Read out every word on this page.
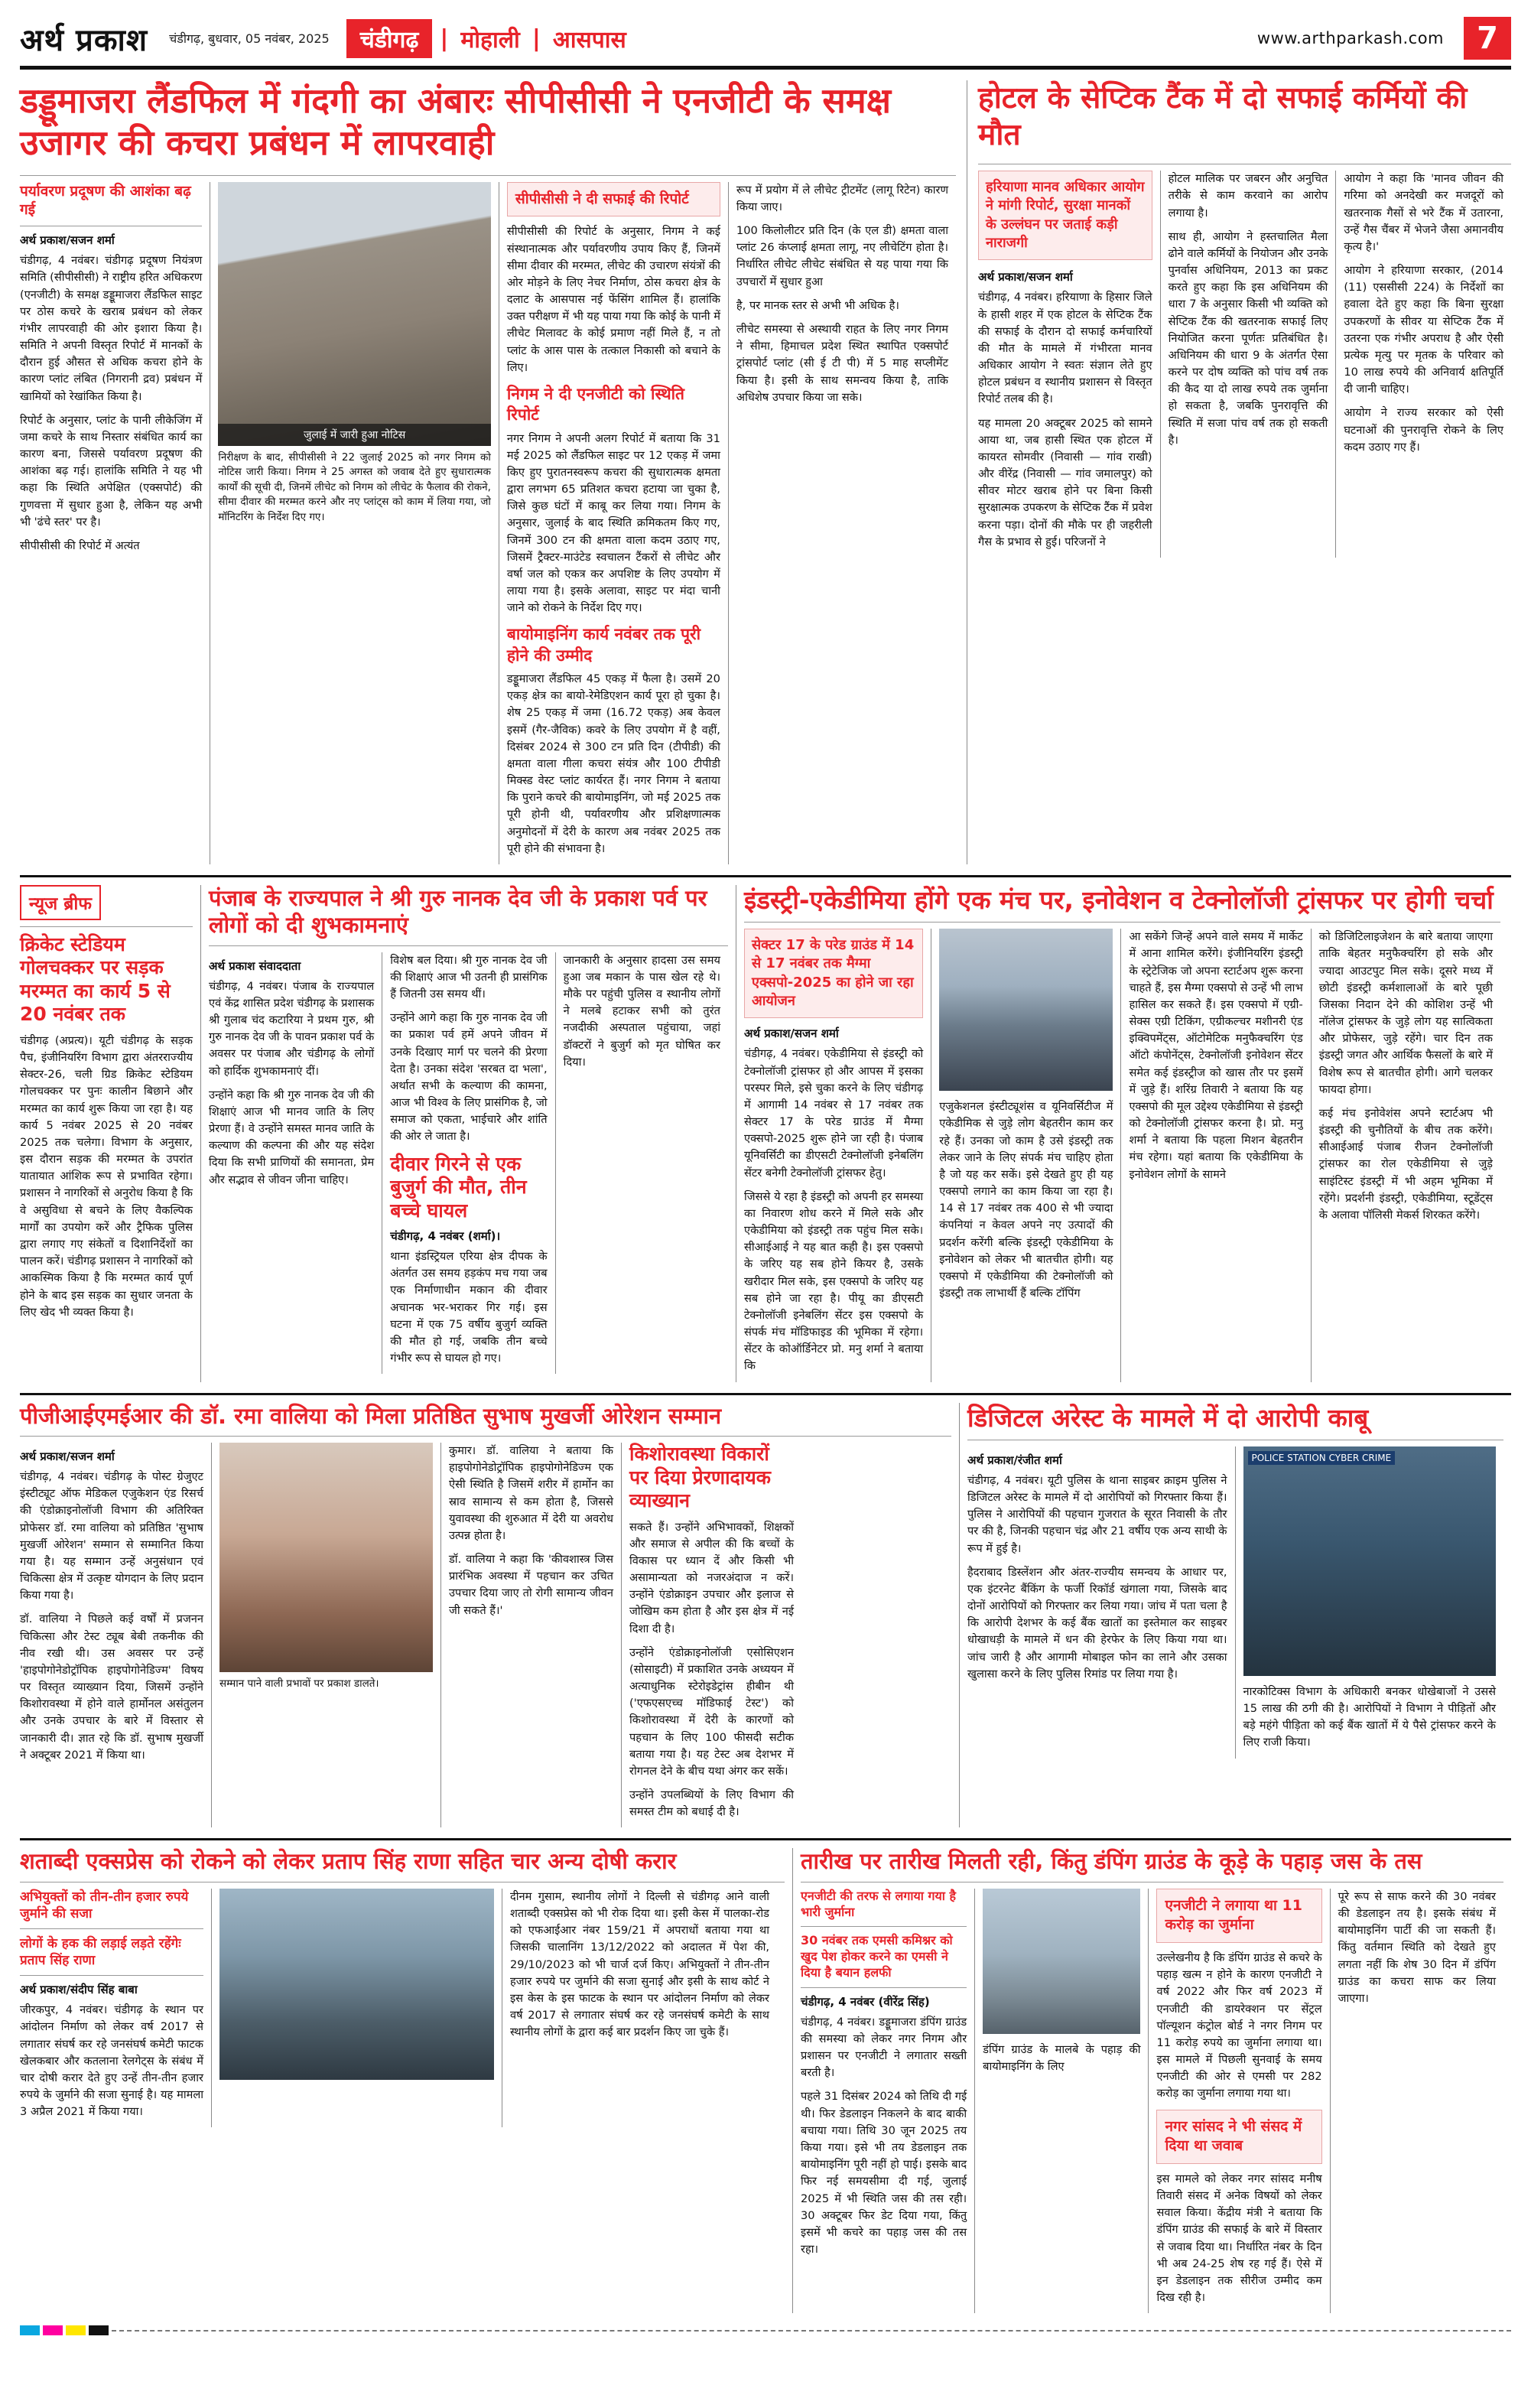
अर्थ प्रकाश	चंडीगढ़, बुधवार, 05 नवंबर, 2025	चंडीगढ़ | मोहाली | आसपास	www.arthparkash.com	7
डड्डूमाजरा लैंडफिल में गंदगी का अंबारः सीपीसीसी ने एनजीटी के समक्ष उजागर की कचरा प्रबंधन में लापरवाही
पर्यावरण प्रदूषण की आशंका बढ़ गई
अर्थ प्रकाश/सजन शर्मा

चंडीगढ़, 4 नवंबर। चंडीगढ़ प्रदूषण नियंत्रण समिति (सीपीसीसी) ने राष्ट्रीय हरित अधिकरण (एनजीटी) के समक्ष डड्डूमाजरा लैंडफिल साइट पर ठोस कचरे के खराब प्रबंधन को लेकर गंभीर लापरवाही की ओर इशारा किया है। समिति ने अपनी विस्तृत रिपोर्ट में मानकों के दौरान हुई औसत से अधिक कचरा होने के कारण प्लांट लंबित (निगरानी द्रव) प्रबंधन में खामियों को रेखांकित किया है।

रिपोर्ट के अनुसार, प्लांट के पानी लीकेजिंग में जमा कचरे के साथ निस्तार संबंधित कार्य का कारण बना, जिससे पर्यावरण प्रदूषण की आशंका बढ़ गई। हालांकि समिति ने यह भी कहा कि स्थिति अपेक्षित (एक्सपोर्ट) की गुणवत्ता में सुधार हुआ है, लेकिन यह अभी भी 'ढंचे स्तर' पर है।

सीपीसीसी की रिपोर्ट में अत्यंत

जुलाई में जारी हुआ नोटिस

निरीक्षण के बाद, सीपीसीसी ने 22 जुलाई 2025 को नगर निगम को नोटिस जारी किया। निगम ने 25 अगस्त को जवाब देते हुए सुधारात्मक कार्यों की सूची दी, जिनमें लीचेट को निगम को लीचेट के फैलाव की रोकने, सीमा दीवार की मरम्मत करने और नए प्लांट्स को काम में लिया गया, जो मॉनिटरिंग के निर्देश दिए गए।

सीपीसीसी ने दी सफाई की रिपोर्ट

सीपीसीसी की रिपोर्ट के अनुसार, निगम ने कई संस्थानात्मक और पर्यावरणीय उपाय किए हैं, जिनमें सीमा दीवार की मरम्मत, लीचेट की उचारण संयंत्रों की ओर मोड़ने के लिए नेचर निर्माण, ठोस कचरा क्षेत्र के दलाट के आसपास नई फेंसिंग शामिल हैं। हालांकि उक्त परीक्षण में भी यह पाया गया कि कोई के पानी में लीचेट मिलावट के कोई प्रमाण नहीं मिले हैं, न तो प्लांट के आस पास के तत्काल निकासी को बचाने के लिए।

निगम ने दी एनजीटी को स्थिति रिपोर्ट

नगर निगम ने अपनी अलग रिपोर्ट में बताया कि 31 मई 2025 को लैंडफिल साइट पर 12 एकड़ में जमा किए हुए पुरातनस्वरूप कचरा की सुधारात्मक क्षमता द्वारा लगभग 65 प्रतिशत कचरा हटाया जा चुका है, जिसे कुछ घंटों में काबू कर लिया गया। निगम के अनुसार, जुलाई के बाद स्थिति क्रमिकतम किए गए, जिनमें 300 टन की क्षमता वाला कदम उठाए गए, जिसमें ट्रैक्टर-माउंटेड स्वचालन टैंकरों से लीचेट और वर्षा जल को एकत्र कर अपशिष्ट के लिए उपयोग में लाया गया है। इसके अलावा, साइट पर मंदा चानी जाने को रोकने के निर्देश दिए गए।

बायोमाइनिंग कार्य नवंबर तक पूरी होने की उम्मीद

डड्डूमाजरा लैंडफिल 45 एकड़ में फैला है। उसमें 20 एकड़ क्षेत्र का बायो-रेमेडिएशन कार्य पूरा हो चुका है। शेष 25 एकड़ में जमा (16.72 एकड़) अब केवल इसमें (गैर-जैविक) कवरे के लिए उपयोग में है वहीं, दिसंबर 2024 से 300 टन प्रति दिन (टीपीडी) की क्षमता वाला गीला कचरा संयंत्र और 100 टीपीडी मिक्स्ड वेस्ट प्लांट कार्यरत हैं। नगर निगम ने बताया कि पुराने कचरे की बायोमाइनिंग, जो मई 2025 तक पूरी होनी थी, पर्यावरणीय और प्रशिक्षणात्मक अनुमोदनों में देरी के कारण अब नवंबर 2025 तक पूरी होने की संभावना है।

रूप में प्रयोग में ले लीचेट ट्रीटमेंट (लागू रिटेन) कारण किया जाए।

100 किलोलीटर प्रति दिन (के एल डी) क्षमता वाला प्लांट 26 कंप्लाई क्षमता लागू, नए लीचेटिंग होता है। निर्धारित लीचेट लीचेट संबंधित से यह पाया गया कि उपचारों में सुधार हुआ

है, पर मानक स्तर से अभी भी अधिक है।

लीचेट समस्या से अस्थायी राहत के लिए नगर निगम ने सीमा, हिमाचल प्रदेश स्थित स्थापित एक्सपोर्ट ट्रांसपोर्ट प्लांट (सी ई टी पी) में 5 माह सप्लीमेंट किया है। इसी के साथ समन्वय किया है, ताकि अधिशेष उपचार किया जा सके।

होटल के सेप्टिक टैंक में दो सफाई कर्मियों की मौत
हरियाणा मानव अधिकार आयोग ने मांगी रिपोर्ट, सुरक्षा मानकों के उल्लंघन पर जताई कड़ी नाराजगी
अर्थ प्रकाश/सजन शर्मा

चंडीगढ़, 4 नवंबर। हरियाणा के हिसार जिले के हासी शहर में एक होटल के सेप्टिक टैंक की सफाई के दौरान दो सफाई कर्मचारियों की मौत के मामले में गंभीरता मानव अधिकार आयोग ने स्वतः संज्ञान लेते हुए होटल प्रबंधन व स्थानीय प्रशासन से विस्तृत रिपोर्ट तलब की है।

यह मामला 20 अक्टूबर 2025 को सामने आया था, जब हासी स्थित एक होटल में कायरत सोमवीर (निवासी — गांव राखी) और वीरेंद्र (निवासी — गांव जमालपुर) को सीवर मोटर खराब होने पर बिना किसी सुरक्षात्मक उपकरण के सेप्टिक टैंक में प्रवेश करना पड़ा। दोनों की मौके पर ही जहरीली गैस के प्रभाव से हुई। परिजनों ने

होटल मालिक पर जबरन और अनुचित तरीके से काम करवाने का आरोप लगाया है।

साथ ही, आयोग ने हस्तचालित मैला ढोने वाले कर्मियों के नियोजन और उनके पुनर्वास अधिनियम, 2013 का प्रकट करते हुए कहा कि इस अधिनियम की धारा 7 के अनुसार किसी भी व्यक्ति को सेप्टिक टैंक की खतरनाक सफाई लिए नियोजित करना पूर्णतः प्रतिबंधित है। अधिनियम की धारा 9 के अंतर्गत ऐसा करने पर दोष व्यक्ति को पांच वर्ष तक की कैद या दो लाख रुपये तक जुर्माना हो सकता है, जबकि पुनरावृत्ति की स्थिति में सजा पांच वर्ष तक हो सकती है।

आयोग ने कहा कि 'मानव जीवन की गरिमा को अनदेखी कर मजदूरों को खतरनाक गैसों से भरे टैंक में उतारना, उन्हें गैस चैंबर में भेजने जैसा अमानवीय कृत्य है।'

आयोग ने हरियाणा सरकार, (2014 (11) एससीसी 224) के निर्देशों का हवाला देते हुए कहा कि बिना सुरक्षा उपकरणों के सीवर या सेप्टिक टैंक में उतरना एक गंभीर अपराध है और ऐसी प्रत्येक मृत्यु पर मृतक के परिवार को 10 लाख रुपये की अनिवार्य क्षतिपूर्ति दी जानी चाहिए।

आयोग ने राज्य सरकार को ऐसी घटनाओं की पुनरावृत्ति रोकने के लिए कदम उठाए गए हैं।

न्यूज ब्रीफ
क्रिकेट स्टेडियम गोलचक्कर पर सड़क मरम्मत का कार्य 5 से 20 नवंबर तक

चंडीगढ़ (अप्रत्य)। यूटी चंडीगढ़ के सड़क पैच, इंजीनियरिंग विभाग द्वारा अंतरराज्यीय सेक्टर-26, चली ग्रिड क्रिकेट स्टेडियम गोलचक्कर पर पुनः कालीन बिछाने और मरम्मत का कार्य शुरू किया जा रहा है। यह कार्य 5 नवंबर 2025 से 20 नवंबर 2025 तक चलेगा। विभाग के अनुसार, इस दौरान सड़क की मरम्मत के उपरांत यातायात आंशिक रूप से प्रभावित रहेगा। प्रशासन ने नागरिकों से अनुरोध किया है कि वे असुविधा से बचने के लिए वैकल्पिक मार्गों का उपयोग करें और ट्रैफिक पुलिस द्वारा लगाए गए संकेतों व दिशानिर्देशों का पालन करें। चंडीगढ़ प्रशासन ने नागरिकों को आकस्मिक किया है कि मरम्मत कार्य पूर्ण होने के बाद इस सड़क का सुधार जनता के लिए खेद भी व्यक्त किया है।

पंजाब के राज्यपाल ने श्री गुरु नानक देव जी के प्रकाश पर्व पर लोगों को दी शुभकामनाएं
अर्थ प्रकाश संवाददाता

चंडीगढ़, 4 नवंबर। पंजाब के राज्यपाल एवं केंद्र शासित प्रदेश चंडीगढ़ के प्रशासक श्री गुलाब चंद कटारिया ने प्रथम गुरु, श्री गुरु नानक देव जी के पावन प्रकाश पर्व के अवसर पर पंजाब और चंडीगढ़ के लोगों को हार्दिक शुभकामनाएं दीं।

उन्होंने कहा कि श्री गुरु नानक देव जी की शिक्षाएं आज भी मानव जाति के लिए प्रेरणा हैं। वे उन्होंने समस्त मानव जाति के कल्याण की कल्पना की और यह संदेश दिया कि सभी प्राणियों की समानता, प्रेम और सद्भाव से जीवन जीना चाहिए।

विशेष बल दिया। श्री गुरु नानक देव जी की शिक्षाएं आज भी उतनी ही प्रासंगिक हैं जितनी उस समय थीं।

उन्होंने आगे कहा कि गुरु नानक देव जी का प्रकाश पर्व हमें अपने जीवन में उनके दिखाए मार्ग पर चलने की प्रेरणा देता है। उनका संदेश 'सरबत दा भला', अर्थात सभी के कल्याण की कामना, आज भी विश्व के लिए प्रासंगिक है, जो समाज को एकता, भाईचारे और शांति की ओर ले जाता है।

दीवार गिरने से एक बुजुर्ग की मौत, तीन बच्चे घायल
चंडीगढ़, 4 नवंबर (शर्मा)।

थाना इंडस्ट्रियल एरिया क्षेत्र दीपक के अंतर्गत उस समय हड़कंप मच गया जब एक निर्माणाधीन मकान की दीवार अचानक भर-भराकर गिर गई। इस घटना में एक 75 वर्षीय बुजुर्ग व्यक्ति की मौत हो गई, जबकि तीन बच्चे गंभीर रूप से घायल हो गए।

जानकारी के अनुसार हादसा उस समय हुआ जब मकान के पास खेल रहे थे। मौके पर पहुंची पुलिस व स्थानीय लोगों ने मलबे हटाकर सभी को तुरंत नजदीकी अस्पताल पहुंचाया, जहां डॉक्टरों ने बुजुर्ग को मृत घोषित कर दिया।

इंडस्ट्री-एकेडीमिया होंगे एक मंच पर, इनोवेशन व टेक्नोलॉजी ट्रांसफर पर होगी चर्चा
सेक्टर 17 के परेड ग्राउंड में 14 से 17 नवंबर तक मैग्मा एक्सपो-2025 का होने जा रहा आयोजन
अर्थ प्रकाश/सजन शर्मा

चंडीगढ़, 4 नवंबर। एकेडीमिया से इंडस्ट्री को टेक्नोलॉजी ट्रांसफर हो और आपस में इसका परस्पर मिले, इसे चुका करने के लिए चंडीगढ़ में आगामी 14 नवंबर से 17 नवंबर तक सेक्टर 17 के परेड ग्राउंड में मैग्मा एक्सपो-2025 शुरू होने जा रही है। पंजाब यूनिवर्सिटी का डीएसटी टेक्नोलॉजी इनेबलिंग सेंटर बनेगी टेक्नोलॉजी ट्रांसफर हेतु।

जिससे ये रहा है इंडस्ट्री को अपनी हर समस्या का निवारण शोध करने में मिले सके और एकेडीमिया को इंडस्ट्री तक पहुंच मिल सके। सीआईआई ने यह बात कही है। इस एक्सपो के जरिए यह सब होने कियर है, उसके खरीदार मिल सके, इस एक्सपो के जरिए यह सब होने जा रहा है। पीयू का डीएसटी टेक्नोलॉजी इनेबलिंग सेंटर इस एक्सपो के संपर्क मंच मॉडिफाइड की भूमिका में रहेगा। सेंटर के कोऑर्डिनेटर प्रो. मनु शर्मा ने बताया कि

एजुकेशनल इंस्टीट्यूशंस व यूनिवर्सिटीज में एकेडीमिक से जुड़े लोग बेहतरीन काम कर रहे हैं। उनका जो काम है उसे इंडस्ट्री तक लेकर जाने के लिए संपर्क मंच चाहिए होता है जो यह कर सकें। इसे देखते हुए ही यह एक्सपो लगाने का काम किया जा रहा है। 14 से 17 नवंबर तक 400 से भी ज्यादा कंपनियां न केवल अपने नए उत्पादों की प्रदर्शन करेंगी बल्कि इंडस्ट्री एकेडीमिया के इनोवेशन को लेकर भी बातचीत होगी। यह एक्सपो में एकेडीमिया की टेक्नोलॉजी को इंडस्ट्री तक लाभार्थी हैं बल्कि टॉपिंग

आ सकेंगे जिन्हें अपने वाले समय में मार्केट में आना शामिल करेंगे। इंजीनियरिंग इंडस्ट्री के स्ट्रेटेजिक जो अपना स्टार्टअप शुरू करना चाहते हैं, इस मैग्मा एक्सपो से उन्हें भी लाभ हासिल कर सकते हैं। इस एक्सपो में एग्री-सेक्स एग्री टिकिंग, एग्रीकल्चर मशीनरी एंड इक्विपमेंट्स, ऑटोमेटिक मनुफैक्चरिंग एंड ऑटो कंपोनेंट्स, टेक्नोलॉजी इनोवेशन सेंटर समेत कई इंडस्ट्रीज को खास तौर पर इसमें में जुड़े हैं। शरिंग्र तिवारी ने बताया कि यह एक्सपो की मूल उद्देश्य एकेडीमिया से इंडस्ट्री को टेक्नोलॉजी ट्रांसफर करना है। प्रो. मनु शर्मा ने बताया कि पहला मिशन बेहतरीन मंच रहेगा। यहां बताया कि एकेडीमिया के इनोवेशन लोगों के सामने

को डिजिटिलाइजेशन के बारे बताया जाएगा ताकि बेहतर मनुफैक्चरिंग हो सके और ज्यादा आउटपुट मिल सके। दूसरे मध्य में छोटी इंडस्ट्री कर्मशालाओं के बारे पूछी जिसका निदान देने की कोशिश उन्हें भी नॉलेज ट्रांसफर के जुड़े लोग यह सात्विकता और प्रोफेसर, जुड़े रहेंगे। चार दिन तक इंडस्ट्री जगत और आर्थिक फैसलों के बारे में विशेष रूप से बातचीत होगी। आगे चलकर फायदा होगा।

कई मंच इनोवेशंस अपने स्टार्टअप भी इंडस्ट्री की चुनौतियों के बीच तक करेंगे। सीआईआई पंजाब रीजन टेक्नोलॉजी ट्रांसफर का रोल एकेडीमिया से जुड़े साइंटिस्ट इंडस्ट्री में भी अहम भूमिका में रहेंगे। प्रदर्शनी इंडस्ट्री, एकेडीमिया, स्टूडेंट्स के अलावा पॉलिसी मेकर्स शिरकत करेंगे।

पीजीआईएमईआर की डॉ. रमा वालिया को मिला प्रतिष्ठित सुभाष मुखर्जी ओरेशन सम्मान
अर्थ प्रकाश/सजन शर्मा

चंडीगढ़, 4 नवंबर। चंडीगढ़ के पोस्ट ग्रेजुएट इंस्टीट्यूट ऑफ मेडिकल एजुकेशन एंड रिसर्च की एंडोक्राइनोलॉजी विभाग की अतिरिक्त प्रोफेसर डॉ. रमा वालिया को प्रतिष्ठित 'सुभाष मुखर्जी ओरेशन' सम्मान से सम्मानित किया गया है। यह सम्मान उन्हें अनुसंधान एवं चिकित्सा क्षेत्र में उत्कृष्ट योगदान के लिए प्रदान किया गया है।

डॉ. वालिया ने पिछले कई वर्षों में प्रजनन चिकित्सा और टेस्ट ट्यूब बेबी तकनीक की नीव रखी थी। उस अवसर पर उन्हें 'हाइपोगोनेडोट्रॉपिक हाइपोगोनेडिज्म' विषय पर विस्तृत व्याख्यान दिया, जिसमें उन्होंने किशोरावस्था में होने वाले हार्मोनल असंतुलन और उनके उपचार के बारे में विस्तार से जानकारी दी। ज्ञात रहे कि डॉ. सुभाष मुखर्जी ने अक्टूबर 2021 में किया था।

सम्मान पाने वाली प्रभावों पर प्रकाश डालते।

कुमार। डॉ. वालिया ने बताया कि हाइपोगोनेडोट्रॉपिक हाइपोगोनेडिज्म एक ऐसी स्थिति है जिसमें शरीर में हार्मोन का स्राव सामान्य से कम होता है, जिससे युवावस्था की शुरुआत में देरी या अवरोध उत्पन्न होता है।

डॉ. वालिया ने कहा कि 'कीवशास्त्र जिस प्रारंभिक अवस्था में पहचान कर उचित उपचार दिया जाए तो रोगी सामान्य जीवन जी सकते हैं।'

किशोरावस्था विकारों पर दिया प्रेरणादायक व्याख्यान

सकते हैं। उन्होंने अभिभावकों, शिक्षकों और समाज से अपील की कि बच्चों के विकास पर ध्यान दें और किसी भी असामान्यता को नजरअंदाज न करें। उन्होंने एंडोक्राइन उपचार और इलाज से जोखिम कम होता है और इस क्षेत्र में नई दिशा दी है।

उन्होंने एंडोक्राइनोलॉजी एसोसिएशन (सोसाइटी) में प्रकाशित उनके अध्ययन में अत्याधुनिक स्टेरोइडेट्रांस हीबीन थी ('एफएसएच्च मॉडिफाई टेस्ट') को किशोरावस्था में देरी के कारणों को पहचान के लिए 100 फीसदी सटीक बताया गया है। यह टेस्ट अब देशभर में रोगनल देने के बीच यथा अंगर कर सकें।

उन्होंने उपलब्धियों के लिए विभाग की समस्त टीम को बधाई दी है।

डिजिटल अरेस्ट के मामले में दो आरोपी काबू
अर्थ प्रकाश/रंजीत शर्मा

चंडीगढ़, 4 नवंबर। यूटी पुलिस के थाना साइबर क्राइम पुलिस ने डिजिटल अरेस्ट के मामले में दो आरोपियों को गिरफ्तार किया हैं। पुलिस ने आरोपियों की पहचान गुजरात के सूरत निवासी के तौर पर की है, जिनकी पहचान चंद्र और 21 वर्षीय एक अन्य साथी के रूप में हुई है।

हैदराबाद डिस्लेंशन और अंतर-राज्यीय समन्वय के आधार पर, एक इंटरनेट बैंकिंग के फर्जी रिकॉर्ड खंगाला गया, जिसके बाद दोनों आरोपियों को गिरफ्तार कर लिया गया। जांच में पता चला है कि आरोपी देशभर के कई बैंक खातों का इस्तेमाल कर साइबर धोखाधड़ी के मामले में धन की हेरफेर के लिए किया गया था। जांच जारी है और आगामी मोबाइल फोन का लाने और उसका खुलासा करने के लिए पुलिस रिमांड पर लिया गया है।

POLICE STATION CYBER CRIME

नारकोटिक्स विभाग के अधिकारी बनकर धोखेबाजों ने उससे 15 लाख की ठगी की है। आरोपियों ने विभाग ने पीड़ितों और बड़े महंगे पीड़िता को कई बैंक खातों में ये पैसे ट्रांसफर करने के लिए राजी किया।

शताब्दी एक्सप्रेस को रोकने को लेकर प्रताप सिंह राणा सहित चार अन्य दोषी करार
अभियुक्तों को तीन-तीन हजार रुपये जुर्माने की सजा
लोगों के हक की लड़ाई लड़ते रहेंगेः प्रताप सिंह राणा
अर्थ प्रकाश/संदीप सिंह बाबा

जीरकपुर, 4 नवंबर। चंडीगढ़ के स्थान पर आंदोलन निर्माण को लेकर वर्ष 2017 से लगातार संघर्ष कर रहे जनसंघर्ष कमेटी फाटक खेलकबार और कतलाना रेलगेट्स के संबंध में चार दोषी करार देते हुए उन्हें तीन-तीन हजार रुपये के जुर्माने की सजा सुनाई है। यह मामला 3 अप्रैल 2021 में किया गया।

दीनम गुसाम, स्थानीय लोगों ने दिल्ली से चंडीगढ़ आने वाली शताब्दी एक्सप्रेस को भी रोक दिया था। इसी केस में पालका-रोड को एफआईआर नंबर 159/21 में अपराधों बताया गया था जिसकी चालानिंग 13/12/2022 को अदालत में पेश की, 29/10/2023 को भी चार्ज दर्ज किए। अभियुक्तों ने तीन-तीन हजार रुपये पर जुर्माने की सजा सुनाई और इसी के साथ कोर्ट ने इस केस के इस फाटक के स्थान पर आंदोलन निर्माण को लेकर वर्ष 2017 से लगातार संघर्ष कर रहे जनसंघर्ष कमेटी के साथ स्थानीय लोगों के द्वारा कई बार प्रदर्शन किए जा चुके हैं।

तारीख पर तारीख मिलती रही, किंतु डंपिंग ग्राउंड के कूड़े के पहाड़ जस के तस
एनजीटी की तरफ से लगाया गया है भारी जुर्माना
30 नवंबर तक एमसी कमिश्नर को खुद पेश होकर करने का एमसी ने दिया है बयान हलफी
चंडीगढ़, 4 नवंबर (वीरेंद्र सिंह)

चंडीगढ़, 4 नवंबर। डड्डूमाजरा डंपिंग ग्राउंड की समस्या को लेकर नगर निगम और प्रशासन पर एनजीटी ने लगातार सख्ती बरती है।

पहले 31 दिसंबर 2024 को तिथि दी गई थी। फिर डेडलाइन निकलने के बाद बाकी बचाया गया। तिथि 30 जून 2025 तय किया गया। इसे भी तय डेडलाइन तक बायोमाइनिंग पूरी नहीं हो पाई। इसके बाद फिर नई समयसीमा दी गई, जुलाई 2025 में भी स्थिति जस की तस रही। 30 अक्टूबर फिर डेट दिया गया, किंतु इसमें भी कचरे का पहाड़ जस की तस रहा।

डंपिंग ग्राउंड के मालबे के पहाड़ की बायोमाइनिंग के लिए

एनजीटी ने लगाया था 11 करोड़ का जुर्माना

उल्लेखनीय है कि डंपिंग ग्राउंड से कचरे के पहाड़ खत्म न होने के कारण एनजीटी ने वर्ष 2022 और फिर वर्ष 2023 में एनजीटी की डायरेक्शन पर सेंट्रल पॉल्यूशन कंट्रोल बोर्ड ने नगर निगम पर 11 करोड़ रुपये का जुर्माना लगाया था। इस मामले में पिछली सुनवाई के समय एनजीटी की ओर से एमसी पर 282 करोड़ का जुर्माना लगाया गया था।

नगर सांसद ने भी संसद में दिया था जवाब

इस मामले को लेकर नगर सांसद मनीष तिवारी संसद में अनेक विषयों को लेकर सवाल किया। केंद्रीय मंत्री ने बताया कि डंपिंग ग्राउंड की सफाई के बारे में विस्तार से जवाब दिया था। निर्धारित नंबर के दिन भी अब 24-25 शेष रह गई हैं। ऐसे में इन डेडलाइन तक सीरीज उम्मीद कम दिख रही है।

पूरे रूप से साफ करने की 30 नवंबर की डेडलाइन तय है। इसके संबंध में बायोमाइनिंग पार्टी की जा सकती हैं। किंतु वर्तमान स्थिति को देखते हुए लगता नहीं कि शेष 30 दिन में डंपिंग ग्राउंड का कचरा साफ कर लिया जाएगा।
